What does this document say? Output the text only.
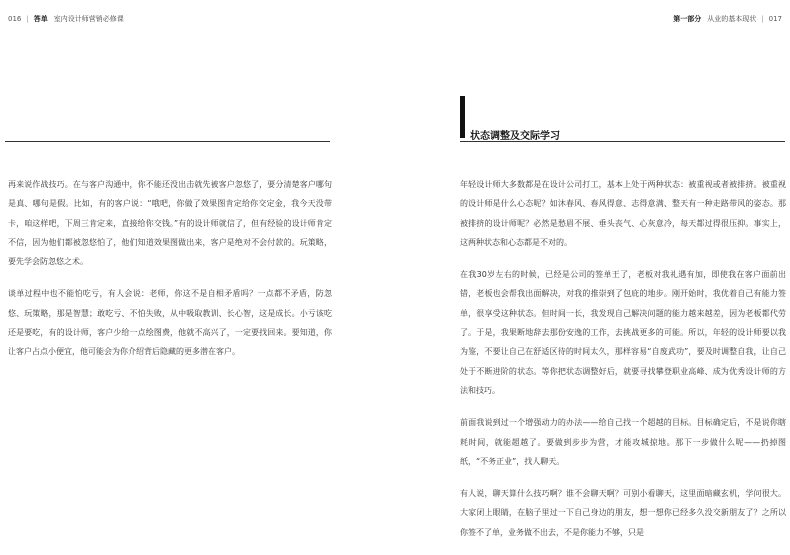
016 | 答单 室内设计师营销必修课

再来说作战技巧。在与客户沟通中，你不能还没出击就先被客户忽悠了，要分清楚客户哪句是真、哪句是假。比如，有的客户说：“哦吧，你做了效果图肯定给你交定金，我今天没带卡，咱这样吧，下周三肯定来，直接给你交钱。”有的设计师就信了，但有经验的设计师肯定不信，因为他们都被忽悠怕了，他们知道效果图做出来，客户是绝对不会付款的。玩策略，要先学会防忽悠之术。

谈单过程中也不能怕吃亏，有人会说：老师，你这不是自相矛盾吗？一点都不矛盾，防忽悠、玩策略，那是智慧；敢吃亏、不怕失败，从中吸取教训、长心智，这是成长。小亏该吃还是要吃，有的设计师，客户少给一点绘图费，他就不高兴了，一定要找回来。要知道，你让客户占点小便宜，他可能会为你介绍背后隐藏的更多潜在客户。

第一部分 从业的基本现状 | 017
状态调整及交际学习

年轻设计师大多数都是在设计公司打工，基本上处于两种状态：被重视或者被排挤。被重视的设计师是什么心态呢？如沐春风、春风得意、志得意满、整天有一种走路带风的姿态。那被排挤的设计师呢？必然是愁眉不展、垂头丧气、心灰意冷，每天都过得很压抑。事实上，这两种状态和心态都是不对的。

在我30岁左右的时候，已经是公司的签单王了，老板对我礼遇有加，即使我在客户面前出错，老板也会帮我出面解决，对我的推崇到了包庇的地步。刚开始时，我优着自己有能力签单，很享受这种状态。但时间一长，我发现自己解决问题的能力越来越差，因为老板都代劳了。于是，我果断地辞去那份安逸的工作，去挑战更多的可能。所以，年轻的设计师要以我为鉴，不要让自己在舒适区待的时间太久，那样容易“自废武功”，要及时调整自我，让自己处于不断进阶的状态。等你把状态调整好后，就要寻找攀登职业高峰、成为优秀设计师的方法和技巧。

前面我说到过一个增强动力的办法——给自己找一个超越的目标。目标确定后，不是说你瞎耗时间，就能超越了。要做到步步为营，才能攻城掠地。那下一步做什么呢——扔掉图纸，“不务正业”，找人聊天。

有人说，聊天算什么技巧啊？谁不会聊天啊？可别小看聊天，这里面暗藏玄机，学问很大。大家闭上眼睛，在脑子里过一下自己身边的朋友，想一想你已经多久没交新朋友了？之所以你签不了单，业务做不出去，不是你能力不够，只是
